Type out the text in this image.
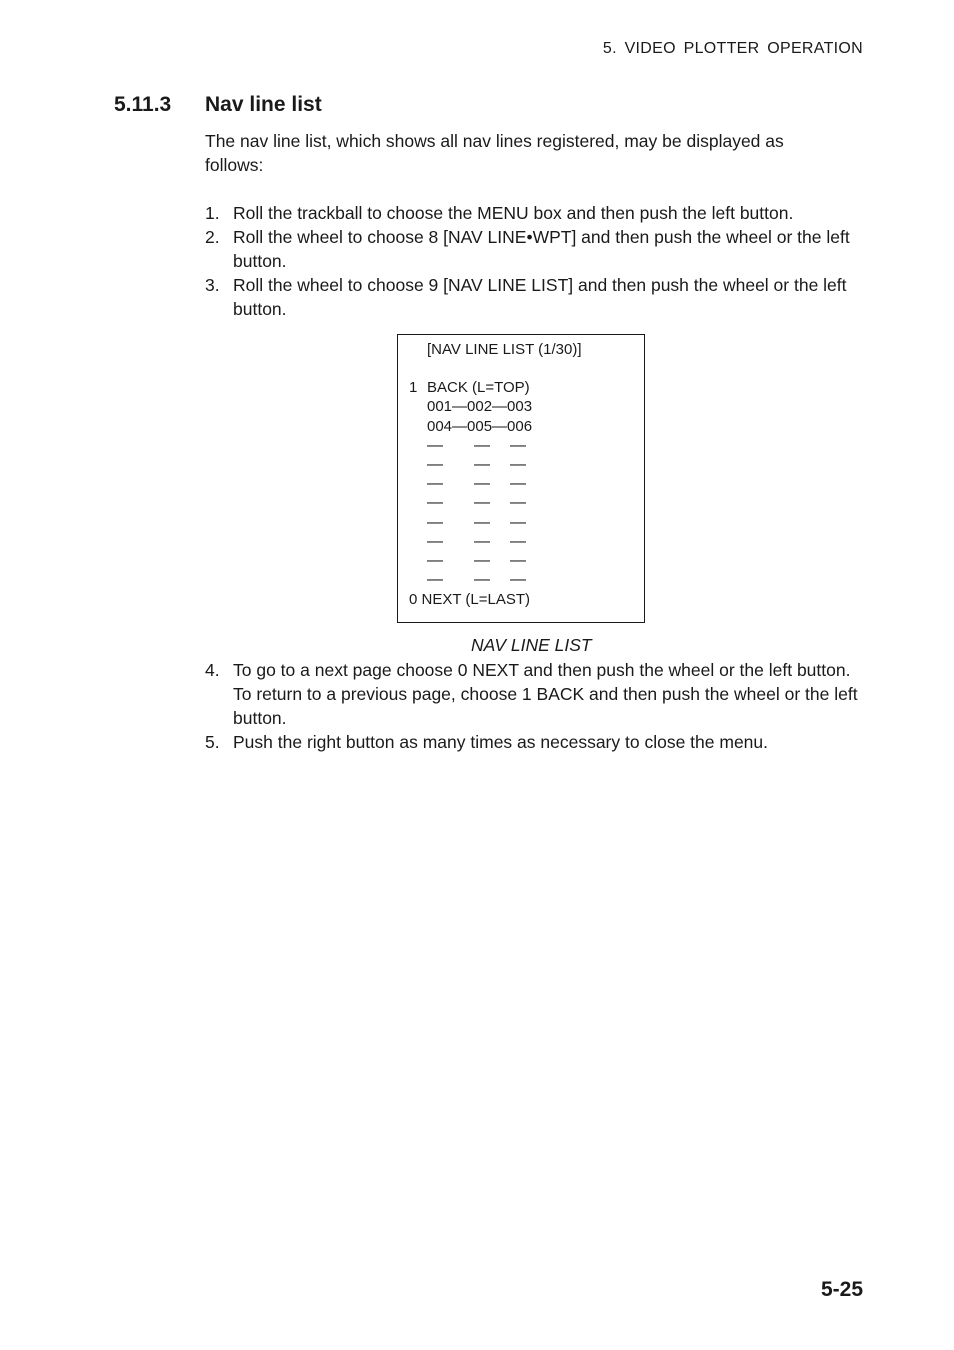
5. VIDEO PLOTTER OPERATION
5.11.3 Nav line list
The nav line list, which shows all nav lines registered, may be displayed as follows:
1. Roll the trackball to choose the MENU box and then push the left button.
2. Roll the wheel to choose 8 [NAV LINE•WPT] and then push the wheel or the left button.
3. Roll the wheel to choose 9 [NAV LINE LIST] and then push the wheel or the left button.
[NAV LINE LIST (1/30)]
1 BACK (L=TOP)
001—002—003
004—005—006
— — —
— — —
— — —
— — —
— — —
— — —
— — —
— — —
0 NEXT (L=LAST)
NAV LINE LIST
4. To go to a next page choose 0 NEXT and then push the wheel or the left button. To return to a previous page, choose 1 BACK and then push the wheel or the left button.
5. Push the right button as many times as necessary to close the menu.
5-25
